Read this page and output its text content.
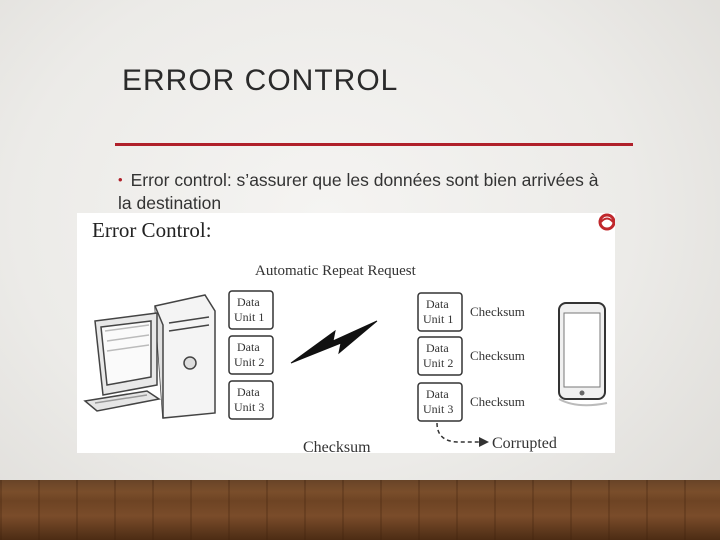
ERROR CONTROL
• Error control: s’assurer que les données sont bien arrivées à la destination
Error Control:
Automatic Repeat Request
Data
Unit 1
Data
Unit 2
Data
Unit 3
Data
Unit 1 Checksum
Data
Unit 2 Checksum
Data
Unit 3 Checksum
Corrupted
Checksum
